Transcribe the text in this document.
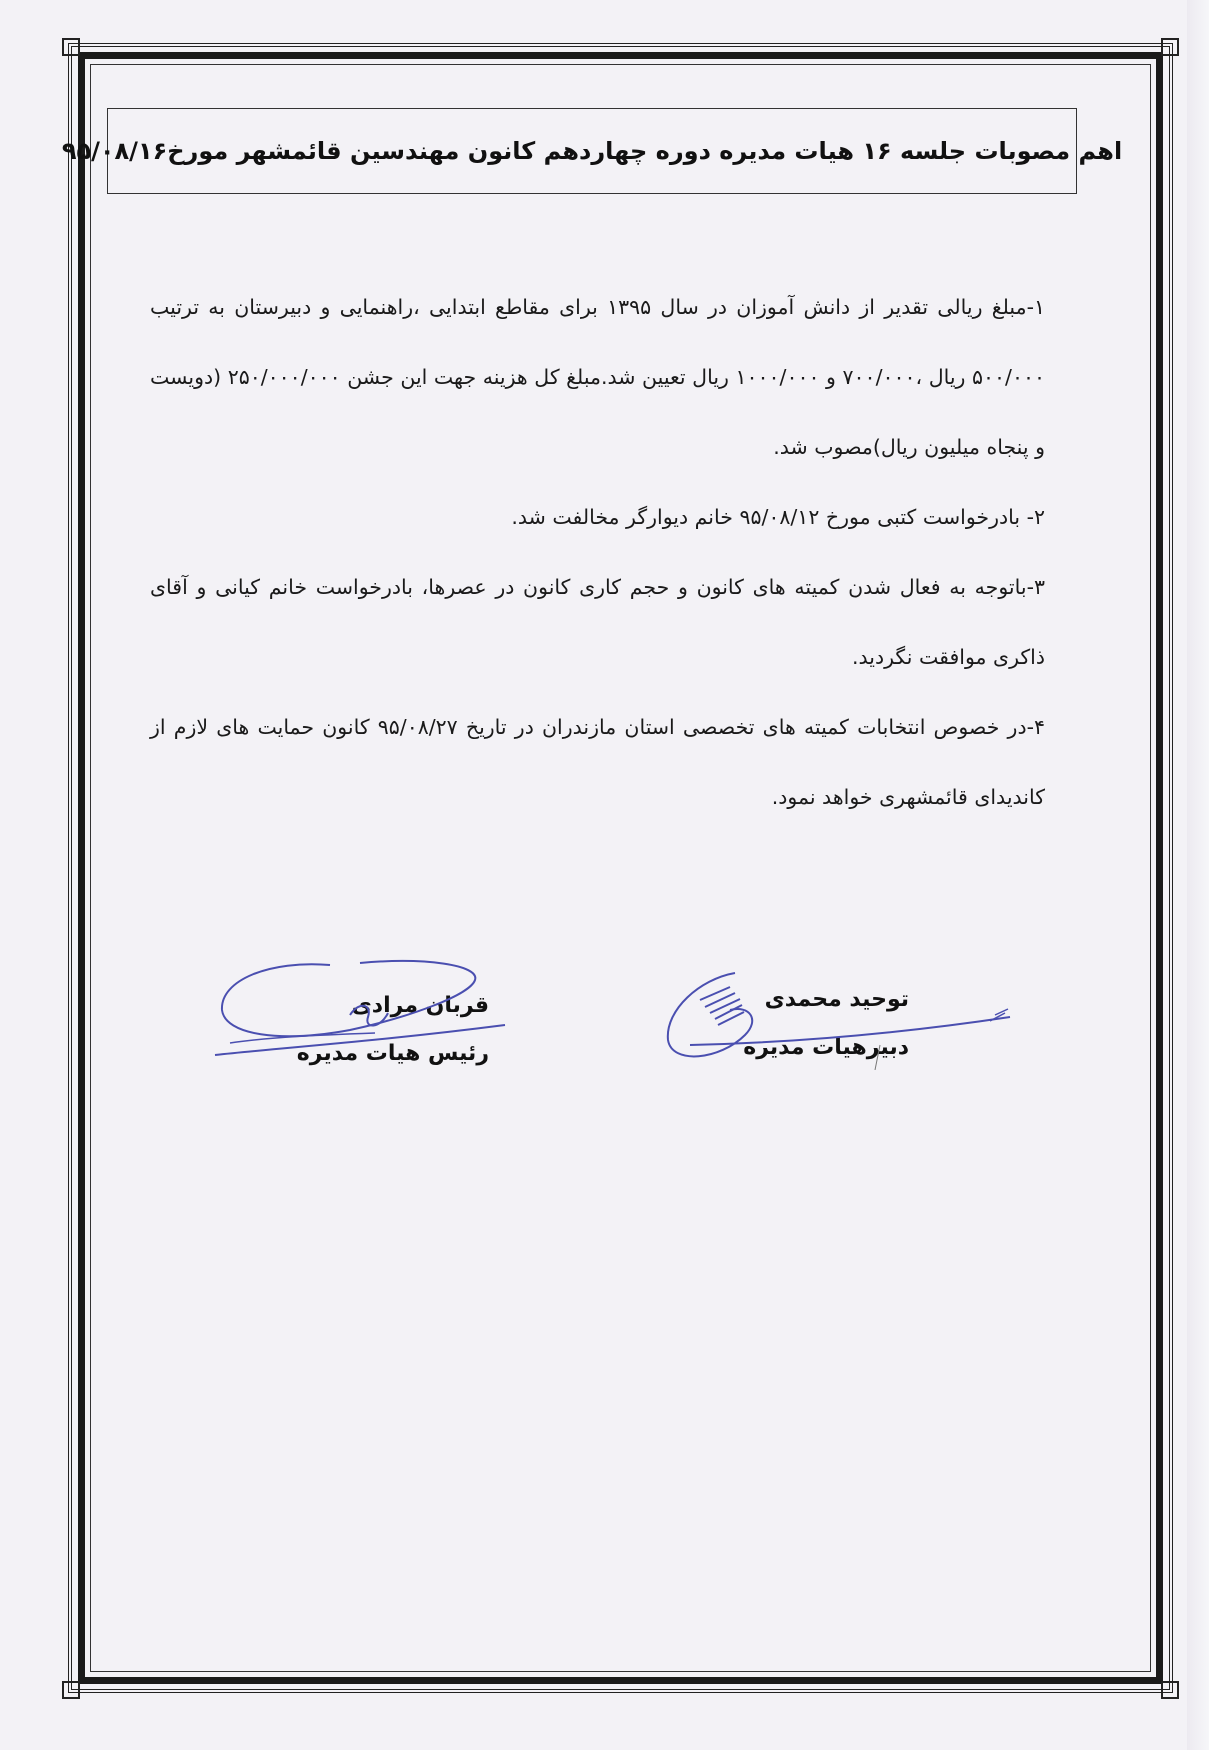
اهم مصوبات جلسه ۱۶ هیات مدیره دوره چهاردهم کانون مهندسین قائمشهر مورخ۹۵/۰۸/۱۶

۱-مبلغ ریالی تقدیر از دانش آموزان در سال ۱۳۹۵ برای مقاطع ابتدایی ،راهنمایی و دبیرستان به ترتیب ۵۰۰/۰۰۰ ریال ،۷۰۰/۰۰۰ و ۱۰۰۰/۰۰۰ ریال تعیین شد.مبلغ کل هزینه جهت این جشن ۲۵۰/۰۰۰/۰۰۰ (دویست و پنجاه میلیون ریال)مصوب شد.

۲- بادرخواست کتبی مورخ ۹۵/۰۸/۱۲ خانم دیوارگر مخالفت شد.

۳-باتوجه به فعال شدن کمیته های کانون و حجم کاری کانون در عصرها، بادرخواست خانم کیانی و آقای ذاکری موافقت نگردید.

۴-در خصوص انتخابات کمیته های تخصصی استان مازندران در تاریخ ۹۵/۰۸/۲۷ کانون حمایت های لازم از کاندیدای قائمشهری خواهد نمود.

توحید محمدی
دبیرهیات مدیره
قربان مرادی
رئیس هیات مدیره
